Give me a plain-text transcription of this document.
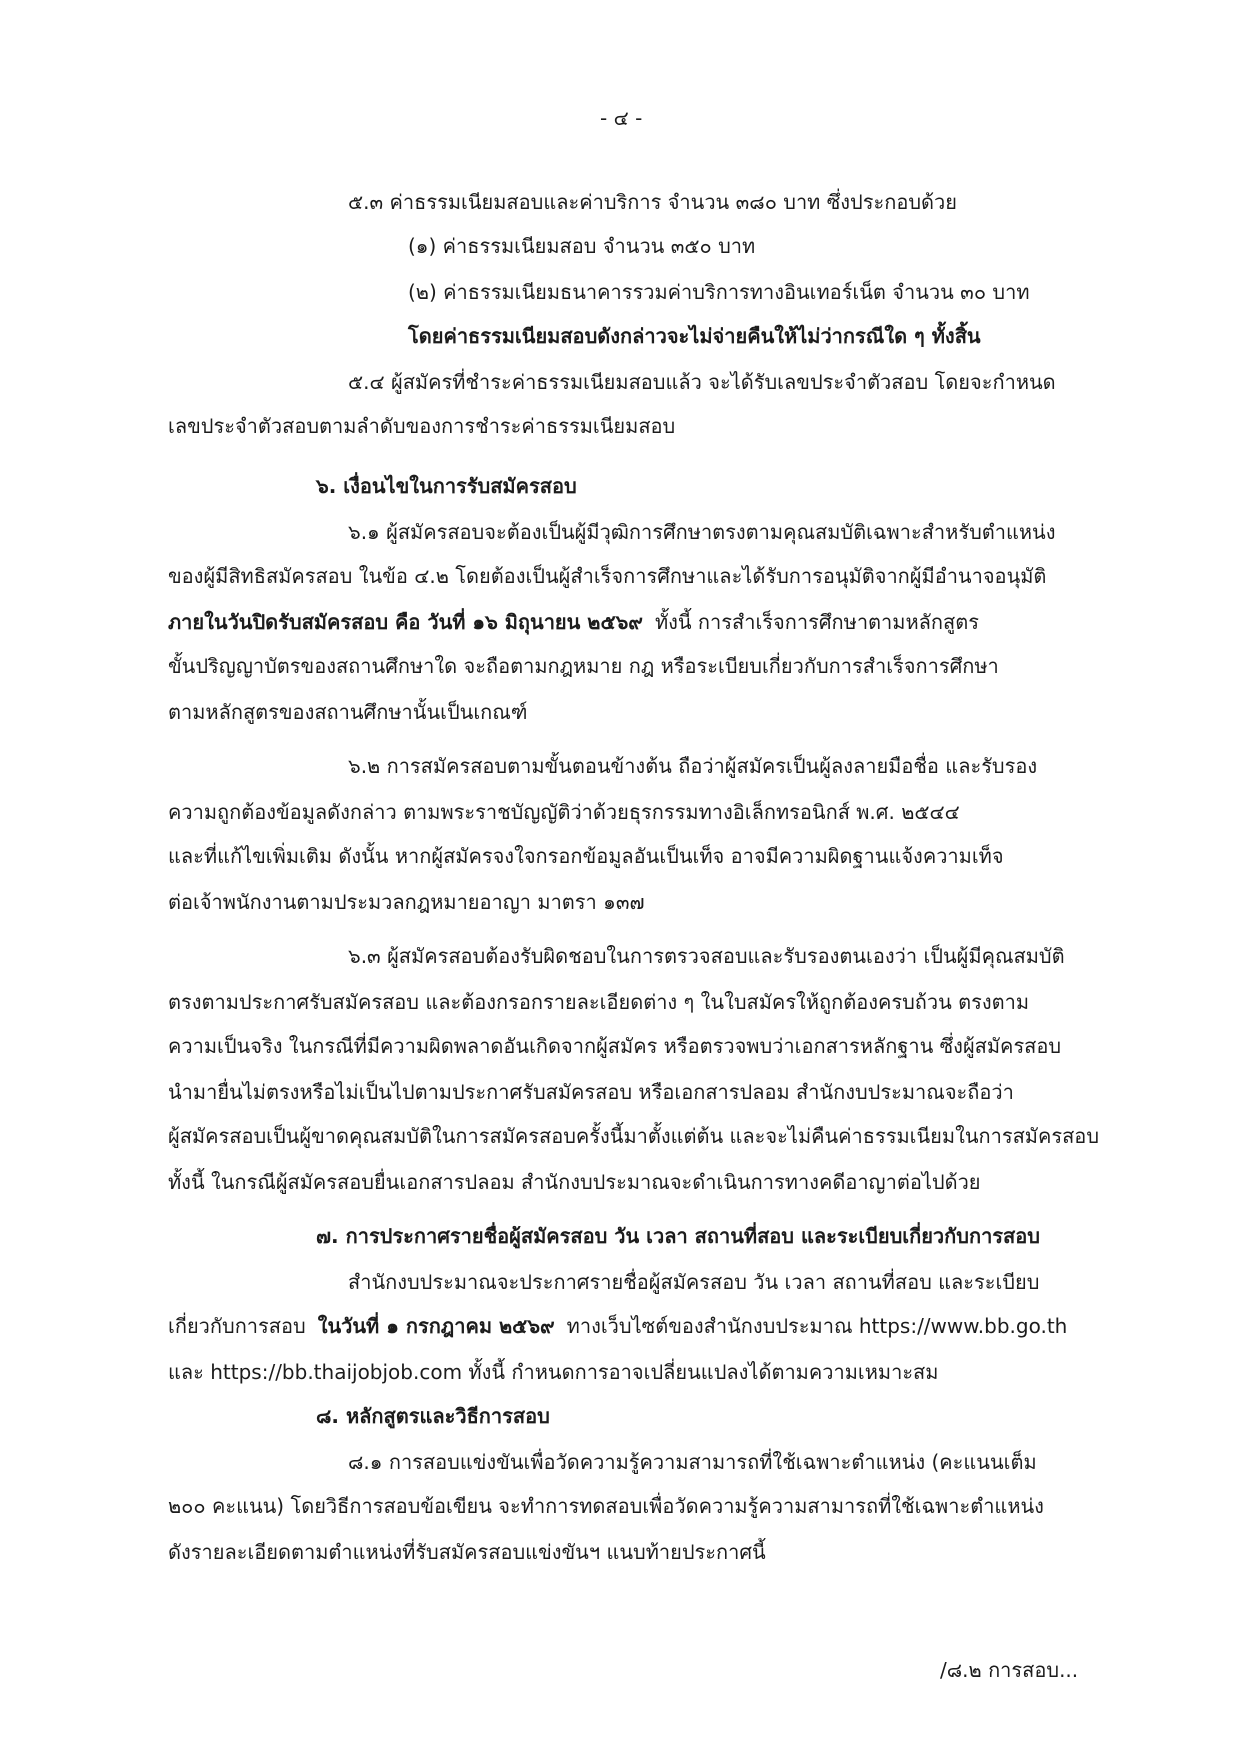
- ๔ -
๕.๓ ค่าธรรมเนียมสอบและค่าบริการ จำนวน ๓๘๐ บาท ซึ่งประกอบด้วย
(๑) ค่าธรรมเนียมสอบ จำนวน ๓๕๐ บาท
(๒) ค่าธรรมเนียมธนาคารรวมค่าบริการทางอินเทอร์เน็ต จำนวน ๓๐ บาท
โดยค่าธรรมเนียมสอบดังกล่าวจะไม่จ่ายคืนให้ไม่ว่ากรณีใด ๆ ทั้งสิ้น
๕.๔ ผู้สมัครที่ชำระค่าธรรมเนียมสอบแล้ว จะได้รับเลขประจำตัวสอบ โดยจะกำหนด
เลขประจำตัวสอบตามลำดับของการชำระค่าธรรมเนียมสอบ
๖. เงื่อนไขในการรับสมัครสอบ
๖.๑ ผู้สมัครสอบจะต้องเป็นผู้มีวุฒิการศึกษาตรงตามคุณสมบัติเฉพาะสำหรับตำแหน่ง
ของผู้มีสิทธิสมัครสอบ ในข้อ ๔.๒ โดยต้องเป็นผู้สำเร็จการศึกษาและได้รับการอนุมัติจากผู้มีอำนาจอนุมัติ
ภายในวันปิดรับสมัครสอบ คือ วันที่ ๑๖ มิถุนายน ๒๕๖๙ ทั้งนี้ การสำเร็จการศึกษาตามหลักสูตร
ขั้นปริญญาบัตรของสถานศึกษาใด จะถือตามกฎหมาย กฎ หรือระเบียบเกี่ยวกับการสำเร็จการศึกษา
ตามหลักสูตรของสถานศึกษานั้นเป็นเกณฑ์
๖.๒ การสมัครสอบตามขั้นตอนข้างต้น ถือว่าผู้สมัครเป็นผู้ลงลายมือชื่อ และรับรอง
ความถูกต้องข้อมูลดังกล่าว ตามพระราชบัญญัติว่าด้วยธุรกรรมทางอิเล็กทรอนิกส์ พ.ศ. ๒๕๔๔
และที่แก้ไขเพิ่มเติม ดังนั้น หากผู้สมัครจงใจกรอกข้อมูลอันเป็นเท็จ อาจมีความผิดฐานแจ้งความเท็จ
ต่อเจ้าพนักงานตามประมวลกฎหมายอาญา มาตรา ๑๓๗
๖.๓ ผู้สมัครสอบต้องรับผิดชอบในการตรวจสอบและรับรองตนเองว่า เป็นผู้มีคุณสมบัติ
ตรงตามประกาศรับสมัครสอบ และต้องกรอกรายละเอียดต่าง ๆ ในใบสมัครให้ถูกต้องครบถ้วน ตรงตาม
ความเป็นจริง ในกรณีที่มีความผิดพลาดอันเกิดจากผู้สมัคร หรือตรวจพบว่าเอกสารหลักฐาน ซึ่งผู้สมัครสอบ
นำมายื่นไม่ตรงหรือไม่เป็นไปตามประกาศรับสมัครสอบ หรือเอกสารปลอม สำนักงบประมาณจะถือว่า
ผู้สมัครสอบเป็นผู้ขาดคุณสมบัติในการสมัครสอบครั้งนี้มาตั้งแต่ต้น และจะไม่คืนค่าธรรมเนียมในการสมัครสอบ
ทั้งนี้ ในกรณีผู้สมัครสอบยื่นเอกสารปลอม สำนักงบประมาณจะดำเนินการทางคดีอาญาต่อไปด้วย
๗. การประกาศรายชื่อผู้สมัครสอบ วัน เวลา สถานที่สอบ และระเบียบเกี่ยวกับการสอบ
สำนักงบประมาณจะประกาศรายชื่อผู้สมัครสอบ วัน เวลา สถานที่สอบ และระเบียบ
เกี่ยวกับการสอบ ในวันที่ ๑ กรกฎาคม ๒๕๖๙ ทางเว็บไซต์ของสำนักงบประมาณ https://www.bb.go.th
และ https://bb.thaijobjob.com ทั้งนี้ กำหนดการอาจเปลี่ยนแปลงได้ตามความเหมาะสม
๘. หลักสูตรและวิธีการสอบ
๘.๑ การสอบแข่งขันเพื่อวัดความรู้ความสามารถที่ใช้เฉพาะตำแหน่ง (คะแนนเต็ม
๒๐๐ คะแนน) โดยวิธีการสอบข้อเขียน จะทำการทดสอบเพื่อวัดความรู้ความสามารถที่ใช้เฉพาะตำแหน่ง
ดังรายละเอียดตามตำแหน่งที่รับสมัครสอบแข่งขันฯ แนบท้ายประกาศนี้
/๘.๒ การสอบ...
